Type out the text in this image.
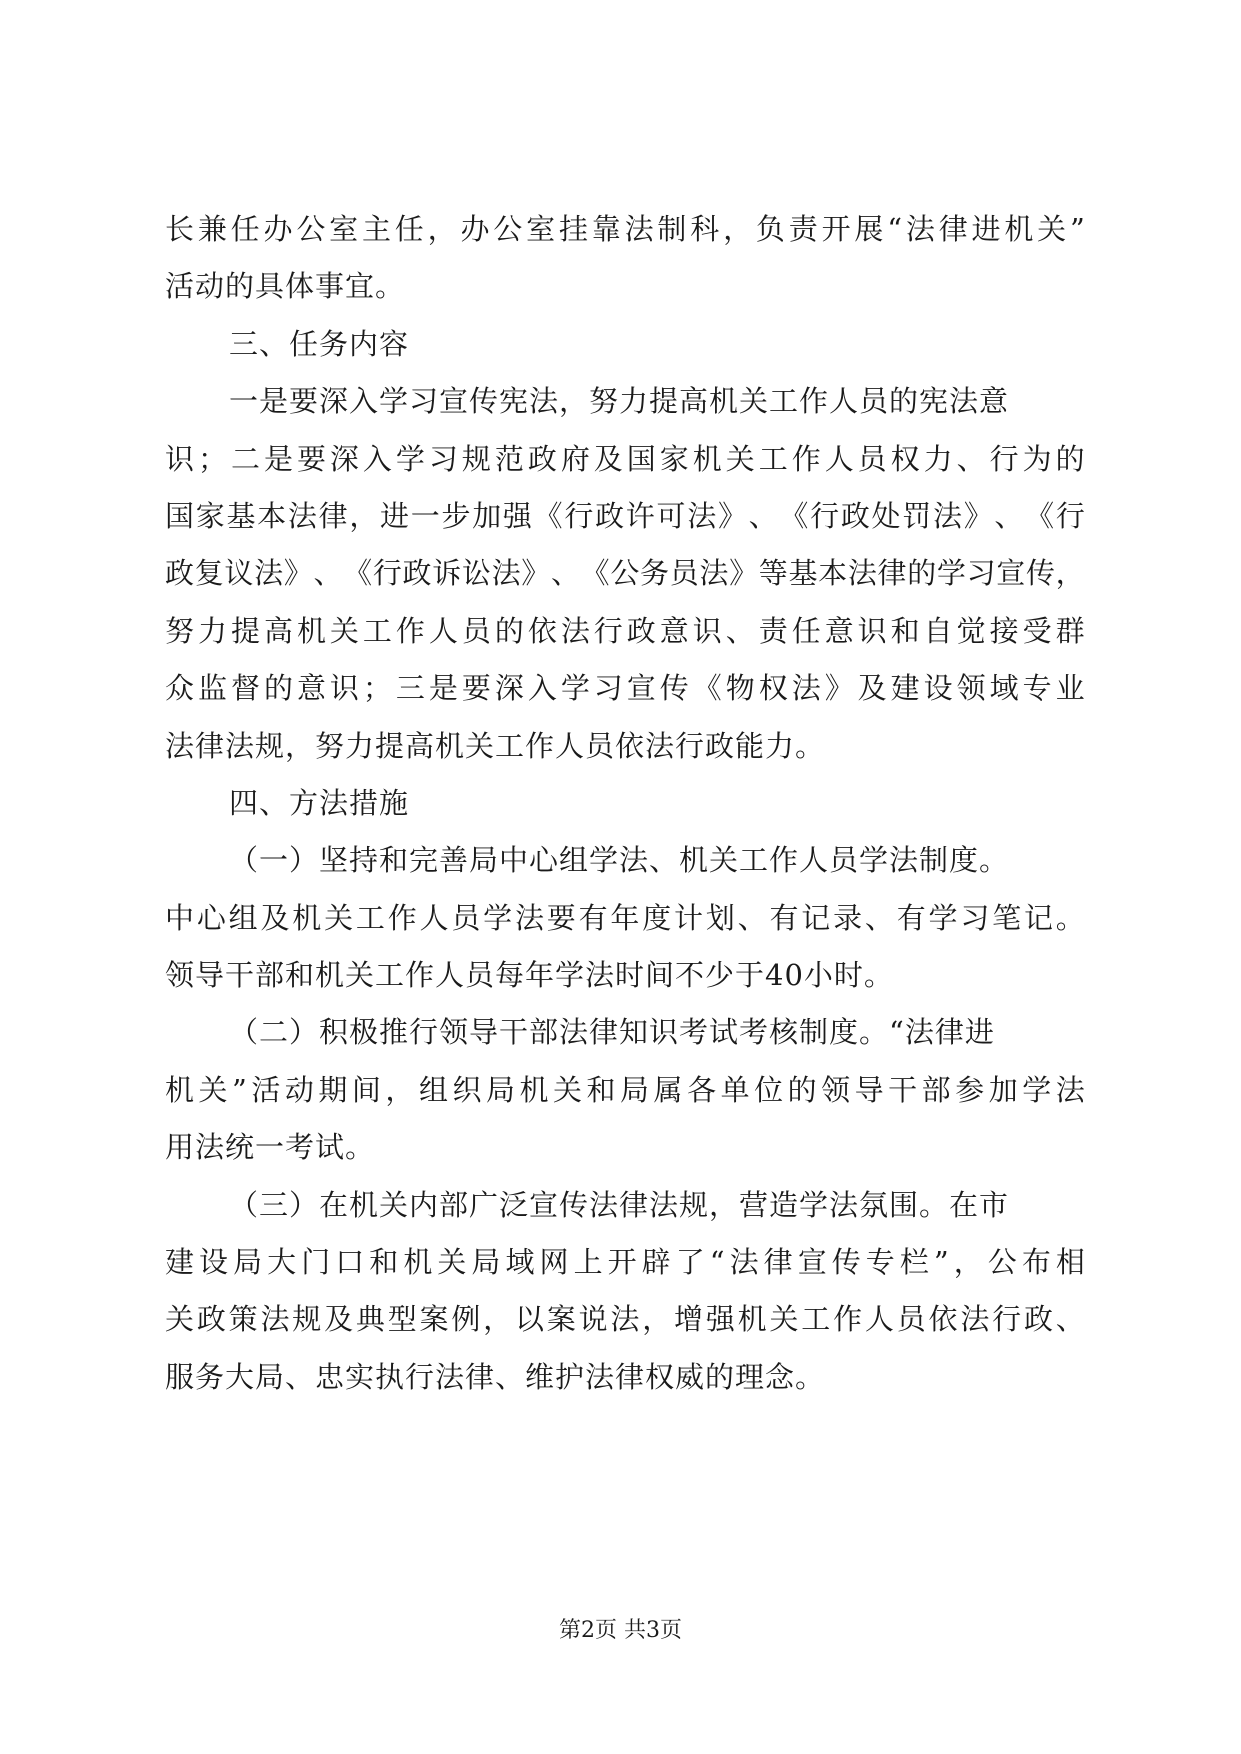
长 兼 任 办 公 室 主 任 ， 办 公 室 挂 靠 法 制 科 ， 负 责 开 展 “ 法 律 进 机 关 ”
活动的具体事宜。
三、任务内容
一是要深入学习宣传宪法，努力提高机关工作人员的宪法意
识 ； 二 是 要 深 入 学 习 规 范 政 府 及 国 家 机 关 工 作 人 员 权 力 、 行 为 的
国 家 基 本 法 律 ， 进 一 步 加 强 《 行 政 许 可 法 》 、 《 行 政 处 罚 法 》 、 《 行
政 复 议 法 》 、 《 行 政 诉 讼 法 》 、 《 公 务 员 法 》 等 基 本 法 律 的 学 习 宣 传 ，
努 力 提 高 机 关 工 作 人 员 的 依 法 行 政 意 识 、 责 任 意 识 和 自 觉 接 受 群
众 监 督 的 意 识 ； 三 是 要 深 入 学 习 宣 传 《 物 权 法 》 及 建 设 领 域 专 业
法律法规，努力提高机关工作人员依法行政能力。
四、方法措施
（一）坚持和完善局中心组学法、机关工作人员学法制度。
中 心 组 及 机 关 工 作 人 员 学 法 要 有 年 度 计 划 、 有 记 录 、 有 学 习 笔 记 。
领导干部和机关工作人员每年学法时间不少于40小时。
（二）积极推行领导干部法律知识考试考核制度。“法律进
机 关 ” 活 动 期 间 ， 组 织 局 机 关 和 局 属 各 单 位 的 领 导 干 部 参 加 学 法
用法统一考试。
（三）在机关内部广泛宣传法律法规，营造学法氛围。在市
建 设 局 大 门 口 和 机 关 局 域 网 上 开 辟 了 “ 法 律 宣 传 专 栏 ” ， 公 布 相
关 政 策 法 规 及 典 型 案 例 ， 以 案 说 法 ， 增 强 机 关 工 作 人 员 依 法 行 政 、
服务大局、忠实执行法律、维护法律权威的理念。
第2页 共3页
